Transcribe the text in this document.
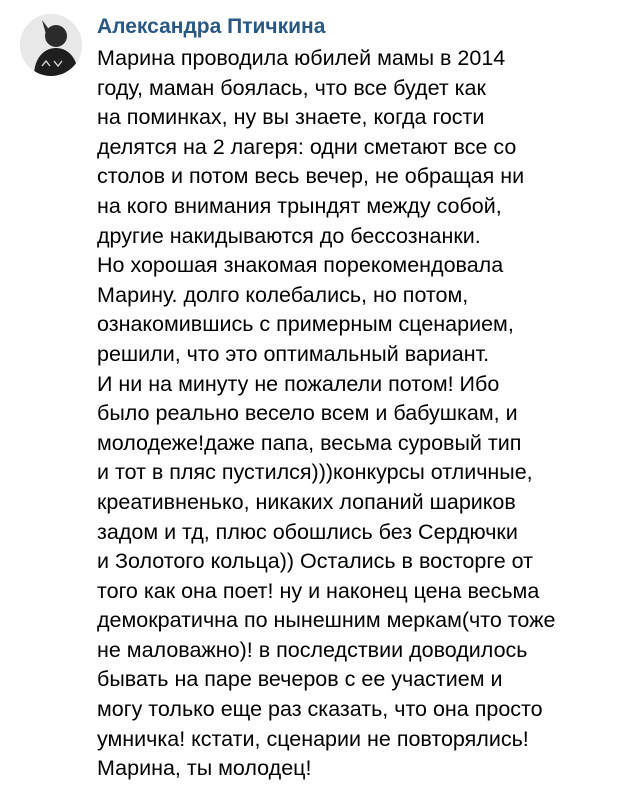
Александра Птичкина
Марина проводила юбилей мамы в 2014
году, маман боялась, что все будет как
на поминках, ну вы знаете, когда гости
делятся на 2 лагеря: одни сметают все со
столов и потом весь вечер, не обращая ни
на кого внимания трындят между собой,
другие накидываются до бессознанки.
Но хорошая знакомая порекомендовала
Марину. долго колебались, но потом,
ознакомившись с примерным сценарием,
решили, что это оптимальный вариант.
И ни на минуту не пожалели потом! Ибо
было реально весело всем и бабушкам, и
молодеже!даже папа, весьма суровый тип
и тот в пляс пустился)))конкурсы отличные,
креативненько, никаких лопаний шариков
задом и тд, плюс обошлись без Сердючки
и Золотого кольца)) Остались в восторге от
того как она поет! ну и наконец цена весьма
демократична по нынешним меркам(что тоже
не маловажно)! в последствии доводилось
бывать на паре вечеров с ее участием и
могу только еще раз сказать, что она просто
умничка! кстати, сценарии не повторялись!
Марина, ты молодец!
